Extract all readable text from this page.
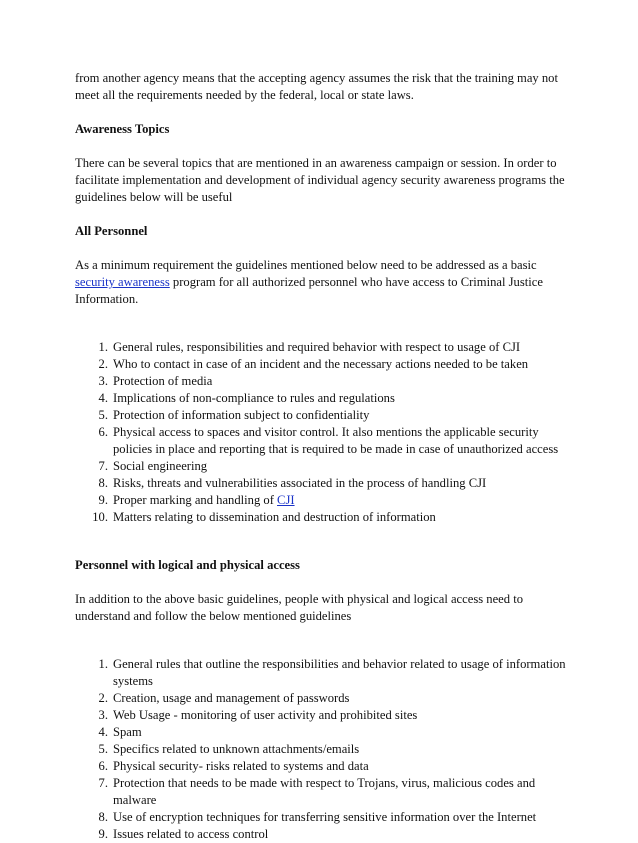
from another agency means that the accepting agency assumes the risk that the training may not meet all the requirements needed by the federal, local or state laws.

Awareness Topics

There can be several topics that are mentioned in an awareness campaign or session. In order to facilitate implementation and development of individual agency security awareness programs the guidelines below will be useful

All Personnel

As a minimum requirement the guidelines mentioned below need to be addressed as a basic security awareness program for all authorized personnel who have access to Criminal Justice Information.

1. General rules, responsibilities and required behavior with respect to usage of CJI
2. Who to contact in case of an incident and the necessary actions needed to be taken
3. Protection of media
4. Implications of non-compliance to rules and regulations
5. Protection of information subject to confidentiality
6. Physical access to spaces and visitor control. It also mentions the applicable security policies in place and reporting that is required to be made in case of unauthorized access
7. Social engineering
8. Risks, threats and vulnerabilities associated in the process of handling CJI
9. Proper marking and handling of CJI
10. Matters relating to dissemination and destruction of information

Personnel with logical and physical access

In addition to the above basic guidelines, people with physical and logical access need to understand and follow the below mentioned guidelines

1. General rules that outline the responsibilities and behavior related to usage of information systems
2. Creation, usage and management of passwords
3. Web Usage - monitoring of user activity and prohibited sites
4. Spam
5. Specifics related to unknown attachments/emails
6. Physical security- risks related to systems and data
7. Protection that needs to be made with respect to Trojans, virus, malicious codes and malware
8. Use of encryption techniques for transferring sensitive information over the Internet
9. Issues related to access control
